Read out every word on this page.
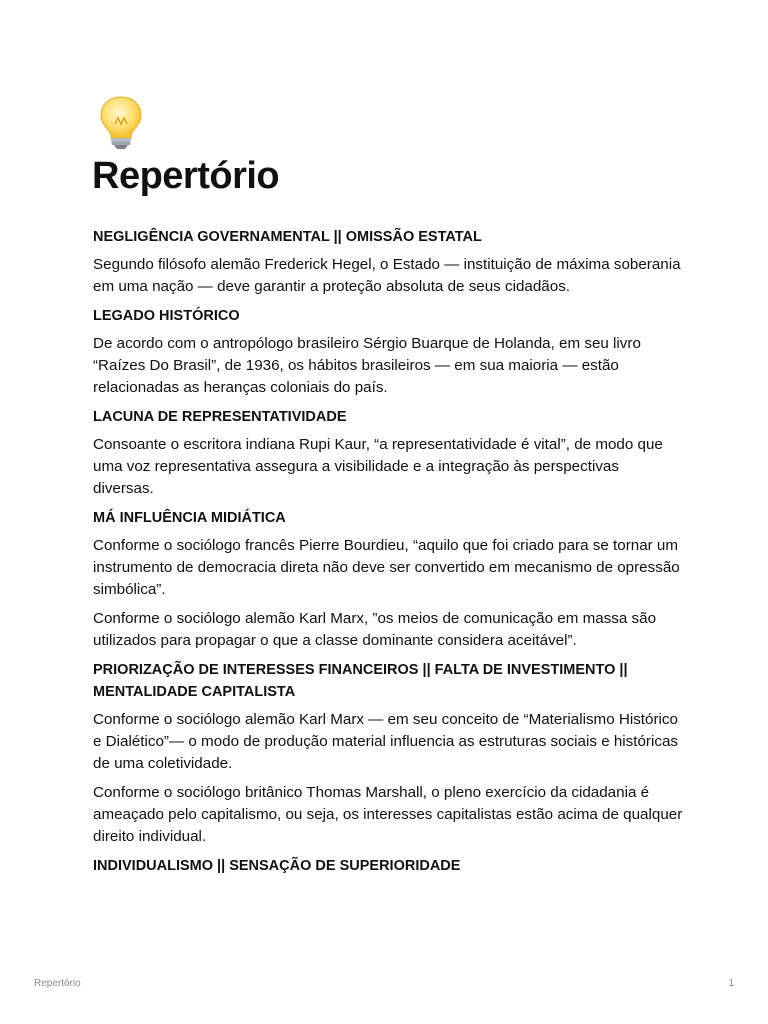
Repertório
NEGLIGÊNCIA GOVERNAMENTAL || OMISSÃO ESTATAL

Segundo filósofo alemão Frederick Hegel, o Estado — instituição de máxima soberania em uma nação — deve garantir a proteção absoluta de seus cidadãos.

LEGADO HISTÓRICO

De acordo com o antropólogo brasileiro Sérgio Buarque de Holanda, em seu livro “Raízes Do Brasil”, de 1936, os hábitos brasileiros — em sua maioria — estão relacionadas as heranças coloniais do país.

LACUNA DE REPRESENTATIVIDADE

Consoante o escritora indiana Rupi Kaur, “a representatividade é vital”, de modo que uma voz representativa assegura a visibilidade e a integração às perspectivas diversas.

MÁ INFLUÊNCIA MIDIÁTICA

Conforme o sociólogo francês Pierre Bourdieu, “aquilo que foi criado para se tornar um instrumento de democracia direta não deve ser convertido em mecanismo de opressão simbólica”.

Conforme o sociólogo alemão Karl Marx, ”os meios de comunicação em massa são utilizados para propagar o que a classe dominante considera aceitável”.

PRIORIZAÇÃO DE INTERESSES FINANCEIROS || FALTA DE INVESTIMENTO || MENTALIDADE CAPITALISTA

Conforme o sociólogo alemão Karl Marx — em seu conceito de “Materialismo Histórico e Dialético”— o modo de produção material influencia as estruturas sociais e históricas de uma coletividade.

Conforme o sociólogo britânico Thomas Marshall, o pleno exercício da cidadania é ameaçado pelo capitalismo, ou seja, os interesses capitalistas estão acima de qualquer direito individual.

INDIVIDUALISMO || SENSAÇÃO DE SUPERIORIDADE
Repertório	1
